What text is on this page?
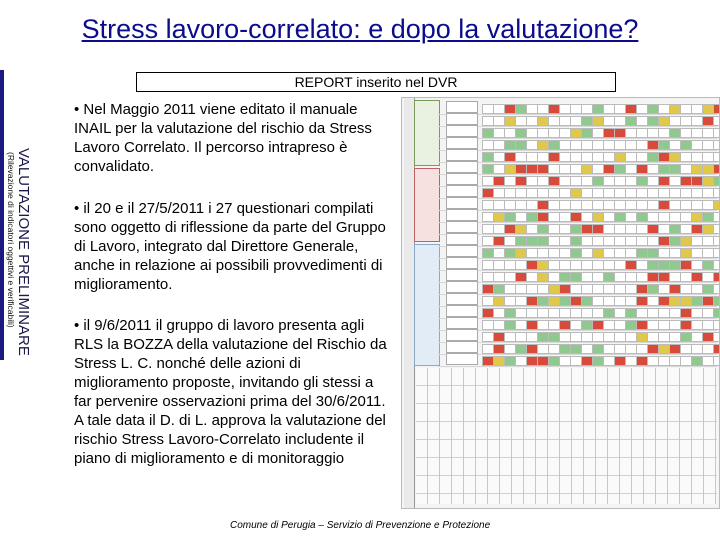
Stress lavoro-correlato: e dopo la valutazione?
REPORT inserito nel DVR
VALUTAZIONE PRELIMINARE
(Rilevazione di indicatori oggettivi e verificabili)
• Nel Maggio 2011 viene editato il manuale INAIL per la valutazione del rischio da Stress Lavoro Correlato. Il percorso intrapreso è convalidato.
• il 20 e il 27/5/2011 i 27 questionari compilati sono oggetto di riflessione da parte del Gruppo di Lavoro, integrato dal Direttore Generale, anche in relazione ai possibili provvedimenti di miglioramento.
• il 9/6/2011 il gruppo di lavoro presenta agli RLS la BOZZA della valutazione del Rischio da Stress L. C. nonché delle azioni di miglioramento proposte, invitando gli stessi a far pervenire osservazioni prima del 30/6/2011.
A tale data il D. di L. approva la valutazione del rischio Stress Lavoro-Correlato includente il piano di miglioramento e di monitoraggio
Comune di Perugia – Servizio di Prevenzione e Protezione
